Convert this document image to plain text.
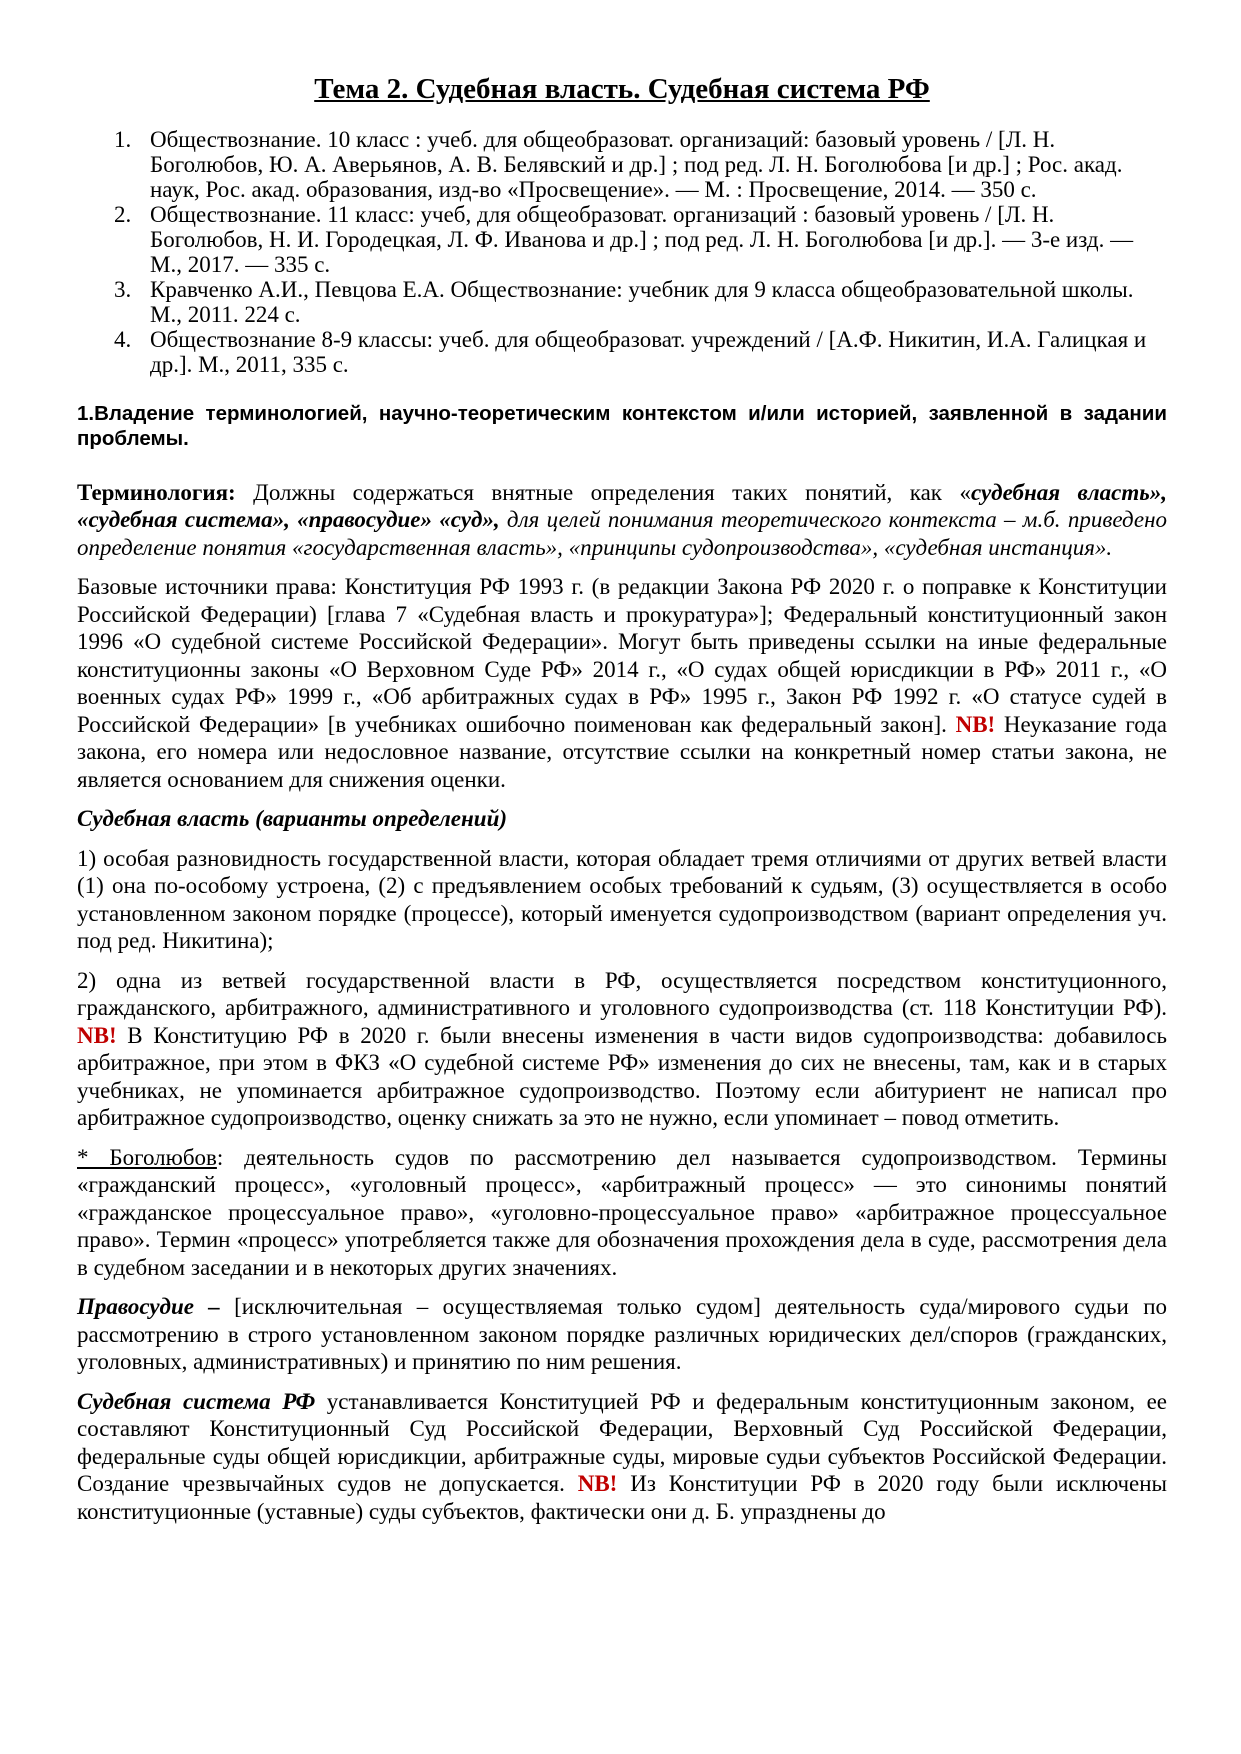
Тема 2. Судебная власть. Судебная система РФ
1. Обществознание. 10 класс : учеб. для общеобразоват. организаций: базовый уровень / [Л. Н. Боголюбов, Ю. А. Аверьянов, А. В. Белявский и др.] ; под ред. Л. Н. Боголюбова [и др.] ; Рос. акад. наук, Рос. акад. образования, изд-во «Просвещение». — М. : Просвещение, 2014. — 350 с.
2. Обществознание. 11 класс: учеб, для общеобразоват. организаций : базовый уровень / [Л. Н. Боголюбов, Н. И. Городецкая, Л. Ф. Иванова и др.] ; под ред. Л. Н. Боголюбова [и др.]. — 3-е изд. — М., 2017. — 335 с.
3. Кравченко А.И., Певцова Е.А. Обществознание: учебник для 9 класса общеобразовательной школы. М., 2011. 224 с.
4. Обществознание 8-9 классы: учеб. для общеобразоват. учреждений / [А.Ф. Никитин, И.А. Галицкая и др.]. М., 2011, 335 с.
1.Владение терминологией, научно-теоретическим контекстом и/или историей, заявленной в задании проблемы.

Терминология: Должны содержаться внятные определения таких понятий, как «судебная власть», «судебная система», «правосудие» «суд», для целей понимания теоретического контекста – м.б. приведено определение понятия «государственная власть», «принципы судопроизводства», «судебная инстанция».

Базовые источники права: Конституция РФ 1993 г. (в редакции Закона РФ 2020 г. о поправке к Конституции Российской Федерации) [глава 7 «Судебная власть и прокуратура»]; Федеральный конституционный закон 1996 «О судебной системе Российской Федерации». Могут быть приведены ссылки на иные федеральные конституционны законы «О Верховном Суде РФ» 2014 г., «О судах общей юрисдикции в РФ» 2011 г., «О военных судах РФ» 1999 г., «Об арбитражных судах в РФ» 1995 г., Закон РФ 1992 г. «О статусе судей в Российской Федерации» [в учебниках ошибочно поименован как федеральный закон]. NB! Неуказание года закона, его номера или недословное название, отсутствие ссылки на конкретный номер статьи закона, не является основанием для снижения оценки.

Судебная власть (варианты определений)

1) особая разновидность государственной власти, которая обладает тремя отличиями от других ветвей власти (1) она по-особому устроена, (2) с предъявлением особых требований к судьям, (3) осуществляется в особо установленном законом порядке (процессе), который именуется судопроизводством (вариант определения уч. под ред. Никитина);

2) одна из ветвей государственной власти в РФ, осуществляется посредством конституционного, гражданского, арбитражного, административного и уголовного судопроизводства (ст. 118 Конституции РФ). NB! В Конституцию РФ в 2020 г. были внесены изменения в части видов судопроизводства: добавилось арбитражное, при этом в ФКЗ «О судебной системе РФ» изменения до сих не внесены, там, как и в старых учебниках, не упоминается арбитражное судопроизводство. Поэтому если абитуриент не написал про арбитражное судопроизводство, оценку снижать за это не нужно, если упоминает – повод отметить.

* Боголюбов: деятельность судов по рассмотрению дел называется судопроизводством. Термины «гражданский процесс», «уголовный процесс», «арбитражный процесс» — это синонимы понятий «гражданское процессуальное право», «уголовно-процессуальное право» «арбитражное процессуальное право». Термин «процесс» употребляется также для обозначения прохождения дела в суде, рассмотрения дела в судебном заседании и в некоторых других значениях.

Правосудие – [исключительная – осуществляемая только судом] деятельность суда/мирового судьи по рассмотрению в строго установленном законом порядке различных юридических дел/споров (гражданских, уголовных, административных) и принятию по ним решения.

Судебная система РФ устанавливается Конституцией РФ и федеральным конституционным законом, ее составляют Конституционный Суд Российской Федерации, Верховный Суд Российской Федерации, федеральные суды общей юрисдикции, арбитражные суды, мировые судьи субъектов Российской Федерации. Создание чрезвычайных судов не допускается. NB! Из Конституции РФ в 2020 году были исключены конституционные (уставные) суды субъектов, фактически они д. Б. упразднены до
